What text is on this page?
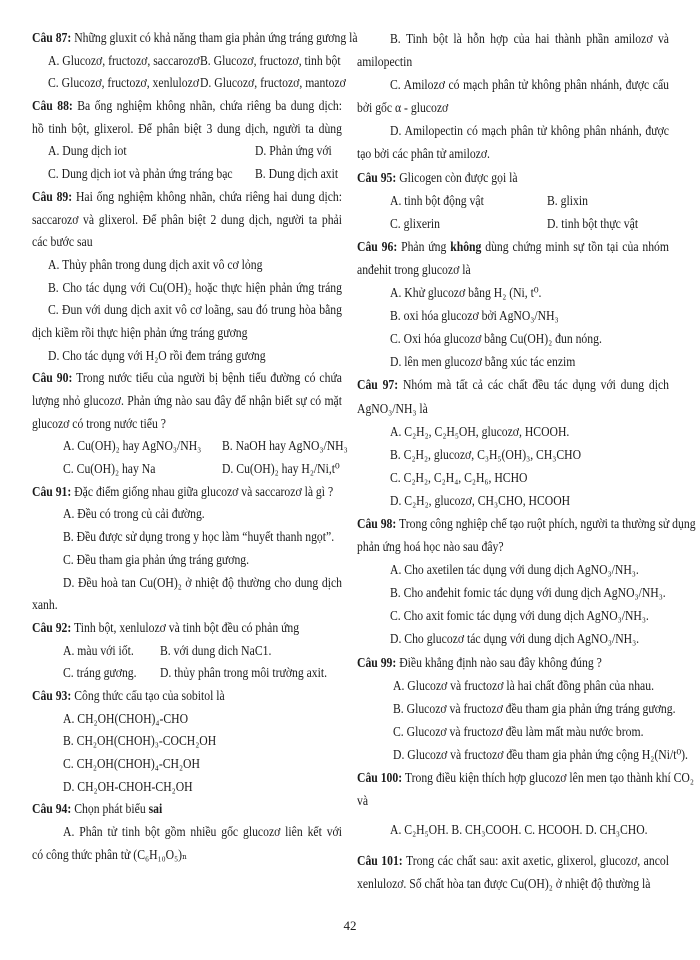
Câu 87: Những gluxit có khả năng tham gia phản ứng tráng gương là
A. Glucozơ, fructozơ, saccarozơ B. Glucozơ, fructozơ, tinh bột
C. Glucozơ, fructozơ, xenlulozơ D. Glucozơ, fructozơ, mantozơ
Câu 88: Ba ống nghiệm không nhãn, chứa riêng ba dung dịch:
hồ tinh bột, glixerol. Để phân biệt 3 dung dịch, người ta dùng
A. Dung dịch iot	D. Phản ứng với
C. Dung dịch iot và phản ứng tráng bạc B. Dung dịch axit
Câu 89: Hai ống nghiệm không nhãn, chứa riêng hai dung dịch:
saccarozơ và glixerol. Để phân biệt 2 dung dịch, người ta phải
các bước sau
A. Thủy phân trong dung dịch axit vô cơ lỏng
B. Cho tác dụng với Cu(OH)₂ hoặc thực hiện phản ứng tráng
C. Đun với dung dịch axit vô cơ loãng, sau đó trung hòa bằng
dịch kiềm rồi thực hiện phản ứng tráng gương
D. Cho tác dụng với H₂O rồi đem tráng gương
Câu 90: Trong nước tiểu của người bị bệnh tiểu đường có chứa
lượng nhỏ glucozơ. Phản ứng nào sau đây để nhận biết sự có mặt
glucozơ có trong nước tiểu ?
A. Cu(OH)₂ hay AgNO₃/NH₃ B. NaOH hay AgNO₃/NH₃
C. Cu(OH)₂ hay Na	D. Cu(OH)₂ hay H₂/Ni,t⁰
Câu 91: Đặc điểm giống nhau giữa glucozơ và saccarozơ là gì ?
A. Đều có trong củ cải đường.
B. Đều được sử dụng trong y học làm “huyết thanh ngọt”.
C. Đều tham gia phản ứng tráng gương.
D. Đều hoà tan Cu(OH)₂ ở nhiệt độ thường cho dung dịch
xanh.
Câu 92: Tinh bột, xenlulozơ và tinh bột đều có phản ứng
A. màu với iốt. B. với dung dich NaC1.
C. tráng gương. D. thủy phân trong môi trường axit.
Câu 93: Công thức cấu tạo của sobitol là
A. CH₂OH(CHOH)₄-CHO
B. CH₂OH(CHOH)₃-COCH₂OH
C. CH₂OH(CHOH)₄-CH₂OH
D. CH₂OH-CHOH-CH₂OH
Câu 94: Chọn phát biểu sai
A. Phân tử tinh bột gồm nhiều gốc glucozơ liên kết với
có công thức phân tử (C₆H₁₀O₅)ₙ
B. Tinh bột là hỗn hợp của hai thành phần amilozơ và
amilopectin
C. Amilozơ có mạch phân tử không phân nhánh, được cấu
bởi gốc α - glucozơ
D. Amilopectin có mạch phân tử không phân nhánh, được
tạo bởi các phân tử amilozơ.
Câu 95: Glicogen còn được gọi là
A. tinh bột động vật	B. glixin
C. glixerin	D. tinh bột thực vật
Câu 96: Phản ứng không dùng chứng minh sự tồn tại của nhóm
anđehit trong glucozơ là
A. Khử glucozơ bằng H₂ (Ni, t⁰.
B. oxi hóa glucozơ bởi AgNO₃/NH₃
C. Oxi hóa glucozơ bằng Cu(OH)₂ đun nóng.
D. lên men glucozơ bằng xúc tác enzim
Câu 97: Nhóm mà tất cả các chất đều tác dụng với dung dịch
AgNO₃/NH₃ là
A. C₂H₂, C₂H₅OH, glucozơ, HCOOH.
B. C₂H₂, glucozơ, C₃H₅(OH)₃, CH₃CHO
C. C₂H₂, C₂H₄, C₂H₆, HCHO
D. C₂H₂, glucozơ, CH₃CHO, HCOOH
Câu 98: Trong công nghiệp chế tạo ruột phích, người ta thường sử dụng
phản ứng hoá học nào sau đây?
A. Cho axetilen tác dụng với dung dịch AgNO₃/NH₃.
B. Cho anđehit fomic tác dụng với dung dịch AgNO₃/NH₃.
C. Cho axit fomic tác dụng với dung dịch AgNO₃/NH₃.
D. Cho glucozơ tác dụng với dung dịch AgNO₃/NH₃.
Câu 99: Điều khẳng định nào sau đây không đúng ?
A. Glucozơ và fructozơ là hai chất đồng phân của nhau.
B. Glucozơ và fructozơ đều tham gia phản ứng tráng gương.
C. Glucozơ và fructozơ đều làm mất màu nước brom.
D. Glucozơ và fructozơ đều tham gia phản ứng cộng H₂(Ni/t⁰).
Câu 100: Trong điều kiện thích hợp glucozơ lên men tạo thành khí CO₂
và
A. C₂H₅OH. B. CH₃COOH. C. HCOOH. D. CH₃CHO.
Câu 101: Trong các chất sau: axit axetic, glixerol, glucozơ, ancol
xenlulozơ. Số chất hòa tan được Cu(OH)₂ ở nhiệt độ thường là
42
